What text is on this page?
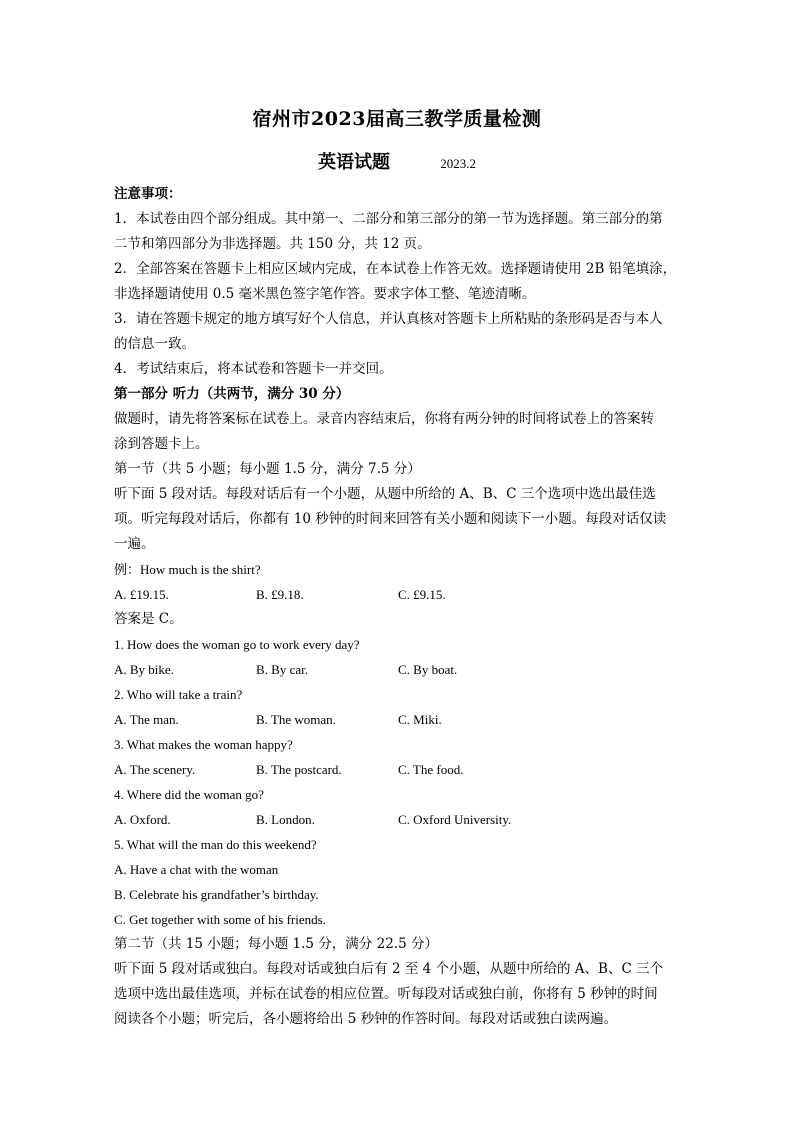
宿州市2023届高三教学质量检测
英语试题	2023.2
注意事项：
1．本试卷由四个部分组成。其中第一、二部分和第三部分的第一节为选择题。第三部分的第
二节和第四部分为非选择题。共 150 分，共 12 页。
2．全部答案在答题卡上相应区域内完成，在本试卷上作答无效。选择题请使用 2B 铅笔填涂，
非选择题请使用 0.5 毫米黑色签字笔作答。要求字体工整、笔迹清晰。
3．请在答题卡规定的地方填写好个人信息，并认真核对答题卡上所粘贴的条形码是否与本人
的信息一致。
4．考试结束后，将本试卷和答题卡一并交回。
第一部分 听力（共两节，满分 30 分）
做题时，请先将答案标在试卷上。录音内容结束后，你将有两分钟的时间将试卷上的答案转
涂到答题卡上。
第一节（共 5 小题；每小题 1.5 分，满分 7.5 分）
听下面 5 段对话。每段对话后有一个小题，从题中所给的 A、B、C 三个选项中选出最佳选
项。听完每段对话后，你都有 10 秒钟的时间来回答有关小题和阅读下一小题。每段对话仅读
一遍。
例：How much is the shirt?
A. £19.15.	B. £9.18.	C. £9.15.
答案是 C。
1. How does the woman go to work every day?
A. By bike.	B. By car.	C. By boat.
2. Who will take a train?
A. The man.	B. The woman.	C. Miki.
3. What makes the woman happy?
A. The scenery.	B. The postcard.	C. The food.
4. Where did the woman go?
A. Oxford.	B. London.	C. Oxford University.
5. What will the man do this weekend?
A. Have a chat with the woman
B. Celebrate his grandfather’s birthday.
C. Get together with some of his friends.
第二节（共 15 小题；每小题 1.5 分，满分 22.5 分）
听下面 5 段对话或独白。每段对话或独白后有 2 至 4 个小题，从题中所给的 A、B、C 三个
选项中选出最佳选项，并标在试卷的相应位置。听每段对话或独白前，你将有 5 秒钟的时间
阅读各个小题；听完后，各小题将给出 5 秒钟的作答时间。每段对话或独白读两遍。
